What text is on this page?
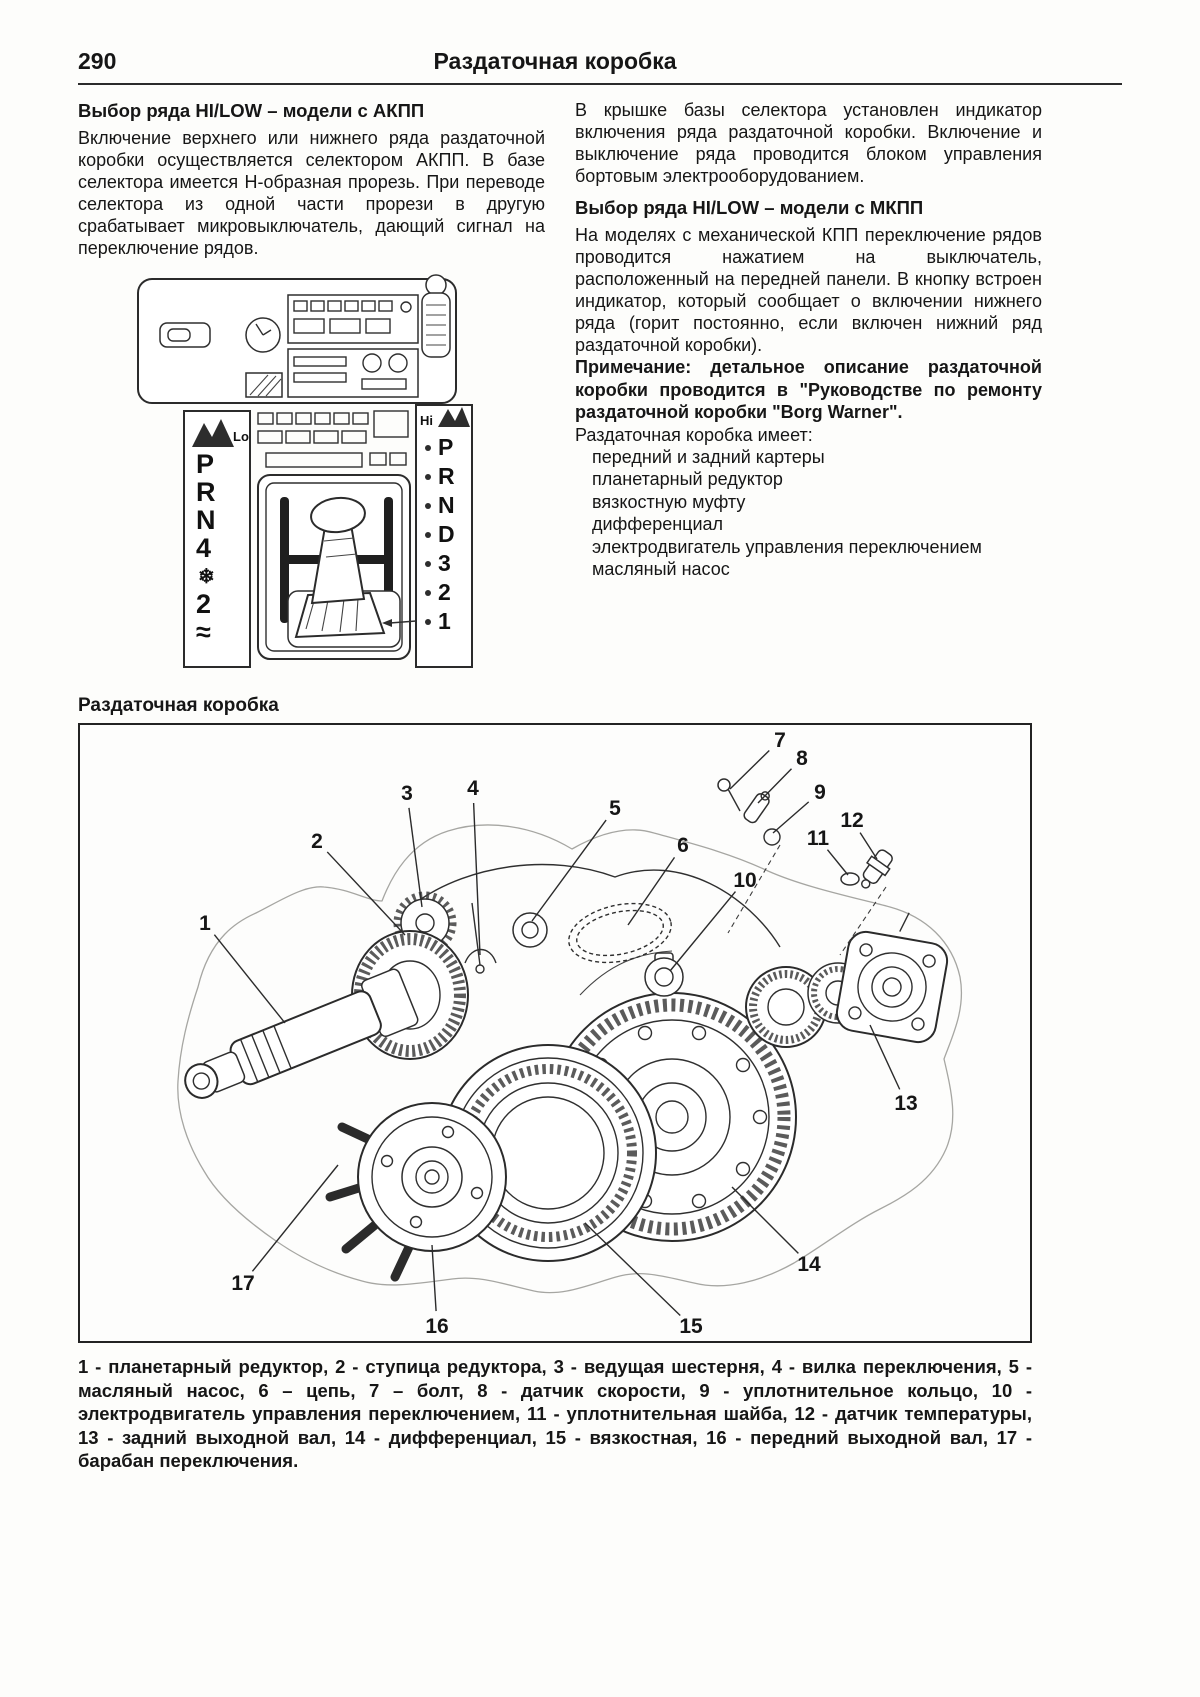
290	Раздаточная коробка
Выбор ряда HI/LOW – модели с АКПП

Включение верхнего или нижнего ряда раздаточной коробки осуществляется селектором АКПП. В базе селектора имеется Н-образная прорезь. При переводе селектора из одной части прорези в другую срабатывает микровыключатель, дающий сигнал на переключение рядов.

Lo
P
R
N
4
❄
2
≈
Hi
P
R
N
D
3
2
1

В крышке базы селектора установлен индикатор включения ряда раздаточной коробки. Включение и выключение ряда проводится блоком управления бортовым электрооборудованием.

Выбор ряда HI/LOW – модели с МКПП

На моделях с механической КПП переключение рядов проводится нажатием на выключатель, расположенный на передней панели. В кнопку встроен индикатор, который сообщает о включении нижнего ряда (горит постоянно, если включен нижний ряд раздаточной коробки).

Примечание: детальное описание раздаточной коробки проводится в "Руководстве по ремонту раздаточной коробки "Borg Warner".

Раздаточная коробка имеет:

передний и задний картеры
планетарный редуктор
вязкостную муфту
дифференциал
электродвигатель управления переключением
масляный насос
Раздаточная коробка
1
2
3	4
5
6
7
8
9
10
11
12
13
14
15
16
17

1 - планетарный редуктор, 2 - ступица редуктора, 3 - ведущая шестерня, 4 - вилка переключения, 5 - масляный насос, 6 – цепь, 7 – болт, 8 - датчик скорости, 9 - уплотнительное кольцо, 10 - электродвигатель управления переключением, 11 - уплотнительная шайба, 12 - датчик температуры, 13 - задний выходной вал, 14 - дифференциал, 15 - вязкостная, 16 - передний выходной вал, 17 - барабан переключения.
